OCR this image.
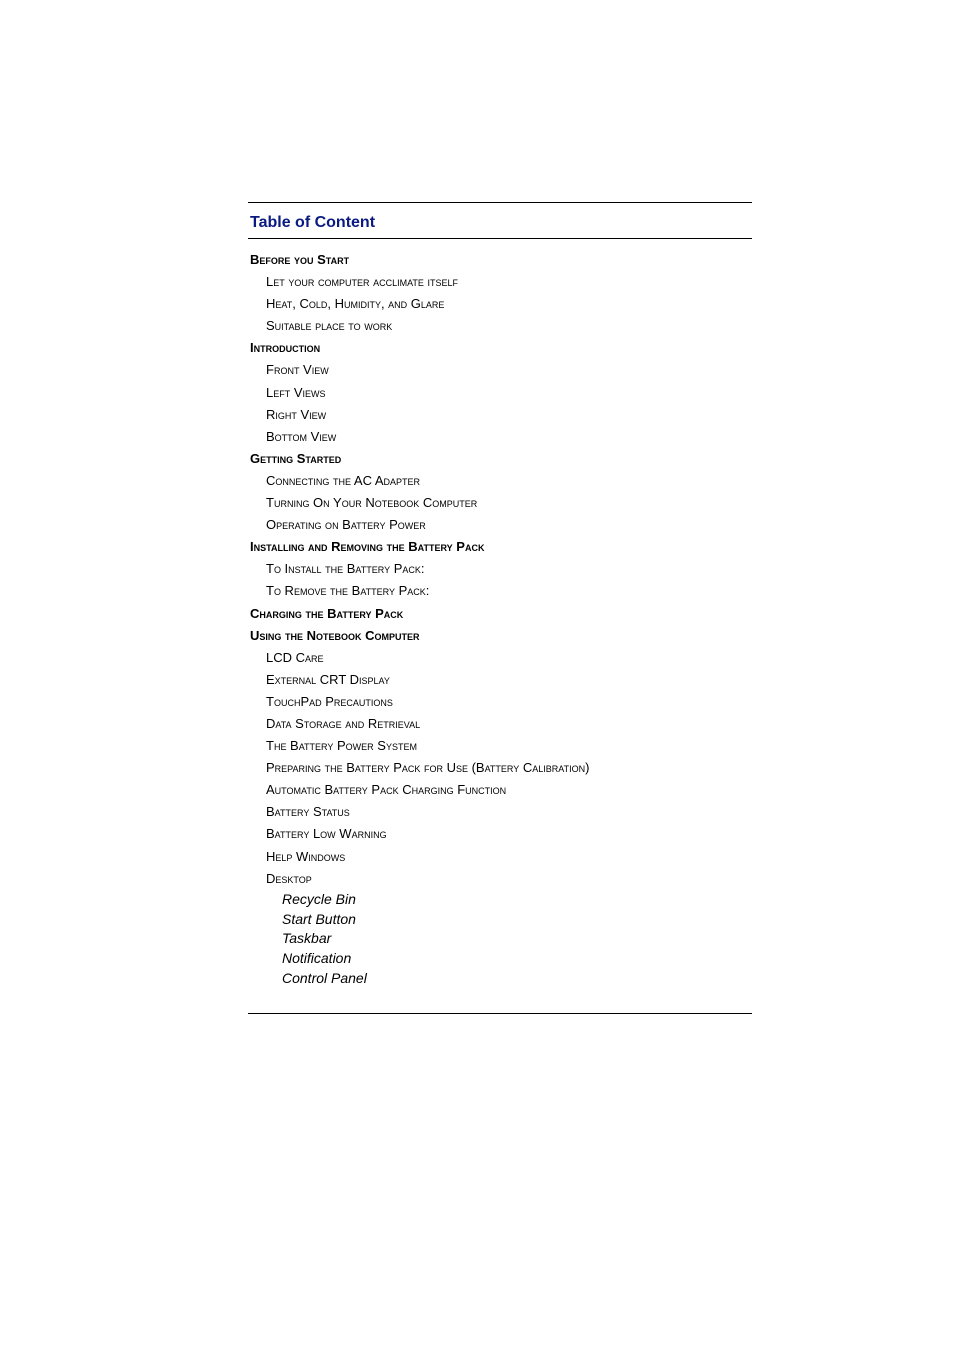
Table of Content
Before you Start
Let your computer acclimate itself
Heat, Cold, Humidity, and Glare
Suitable place to work
Introduction
Front View
Left Views
Right View
Bottom View
Getting Started
Connecting the AC Adapter
Turning On Your Notebook Computer
Operating on Battery Power
Installing and Removing the Battery Pack
To Install the Battery Pack:
To Remove the Battery Pack:
Charging the Battery Pack
Using the Notebook Computer
LCD Care
External CRT Display
TouchPad Precautions
Data Storage and Retrieval
The Battery Power System
Preparing the Battery Pack for Use (Battery Calibration)
Automatic Battery Pack Charging Function
Battery Status
Battery Low Warning
Help Windows
Desktop
Recycle Bin
Start Button
Taskbar
Notification
Control Panel
